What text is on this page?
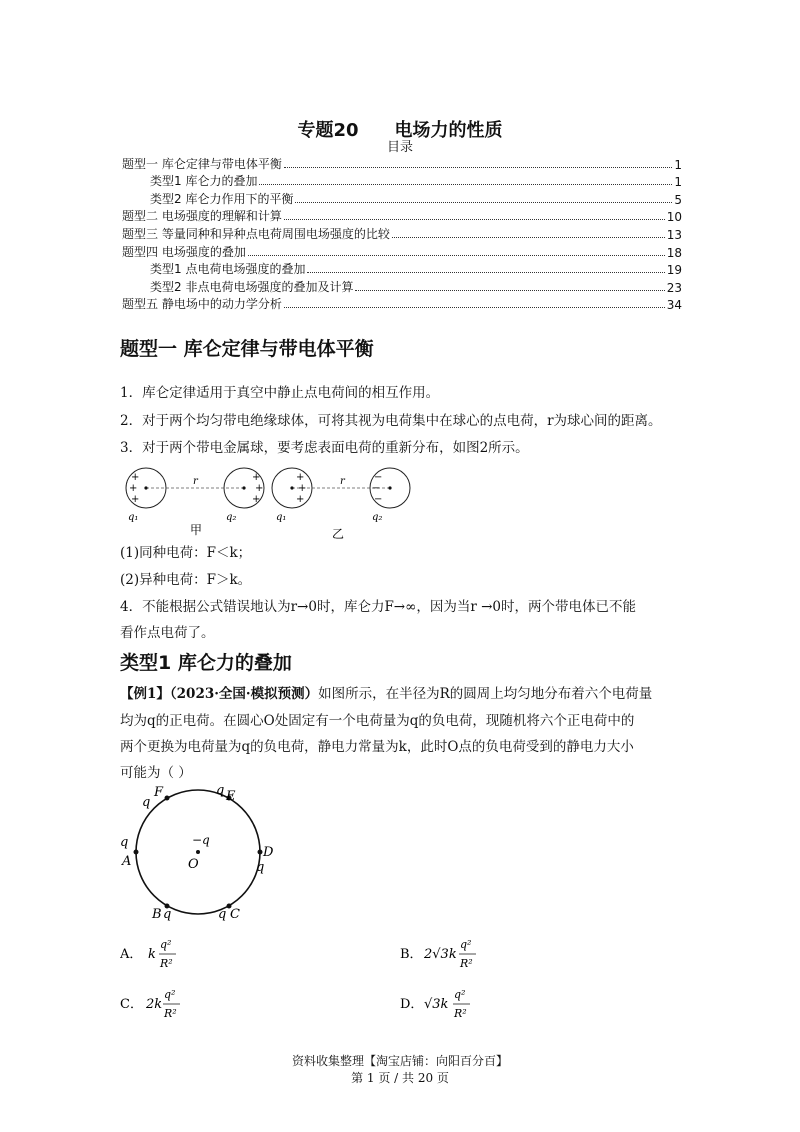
专题20 电场力的性质
目录
题型一 库仑定律与带电体平衡	1
类型1 库仑力的叠加	1
类型2 库仑力作用下的平衡	5
题型二 电场强度的理解和计算	10
题型三 等量同种和异种点电荷周围电场强度的比较	13
题型四 电场强度的叠加	18
类型1 点电荷电场强度的叠加	19
类型2 非点电荷电场强度的叠加及计算	23
题型五 静电场中的动力学分析	34
题型一 库仑定律与带电体平衡
1．库仑定律适用于真空中静止点电荷间的相互作用。
2．对于两个均匀带电绝缘球体，可将其视为电荷集中在球心的点电荷，r为球心间的距离。
3．对于两个带电金属球，要考虑表面电荷的重新分布，如图2所示。
+
+
+
+
+
+
r
q₁	q₂
甲
+
+
+
−
−
−
r
q₁	q₂
乙
(1)同种电荷：F＜k；
(2)异种电荷：F＞k。
4．不能根据公式错误地认为r→0时，库仑力F→∞，因为当r →0时，两个带电体已不能
看作点电荷了。
类型1 库仑力的叠加
【例1】（2023·全国·模拟预测）如图所示，在半径为R的圆周上均匀地分布着六个电荷量
均为q的正电荷。在圆心O处固定有一个电荷量为q的负电荷，现随机将六个正电荷中的
两个更换为电荷量为q的负电荷，静电力常量为k，此时O点的负电荷受到的静电力大小
可能为（ ）
q
F	q E
D
q
q C
B q
q
A
−q
O
A． k
q²
R²
B． 2√3k
q²
R²
C． 2k
q²
R²
D． √3k
q²
R²
资料收集整理【淘宝店铺：向阳百分百】
第 1 页 / 共 20 页
